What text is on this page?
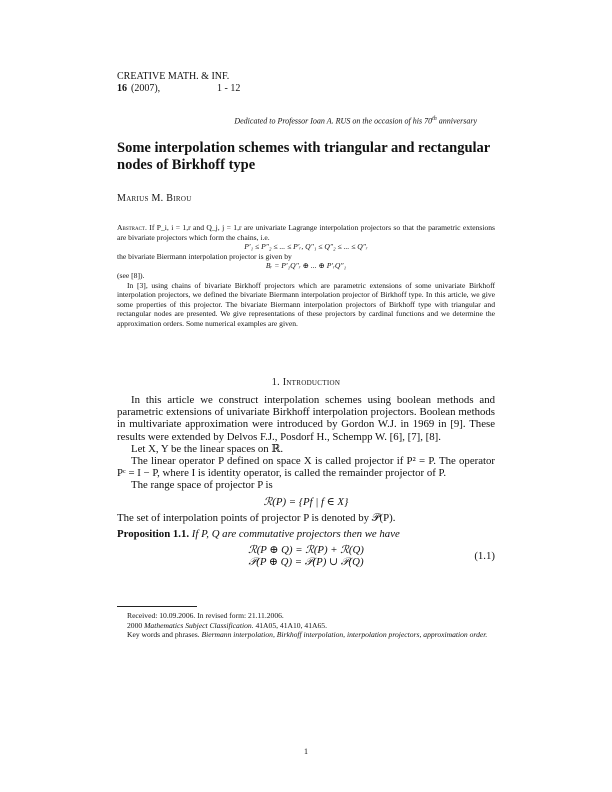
CREATIVE MATH. & INF.
16 (2007),	1 - 12
Dedicated to Professor Ioan A. RUS on the occasion of his 70th anniversary
Some interpolation schemes with triangular and rectangular nodes of Birkhoff type
Marius M. Birou

Abstract. If P_i, i = 1,r and Q_j, j = 1,r are univariate Lagrange interpolation projectors so that the parametric extensions are bivariate projectors which form the chains, i.e.

P′₁ ≤ P″₂ ≤ ... ≤ P′ᵣ, Q″₁ ≤ Q″₂ ≤ ... ≤ Q″ᵣ

the bivariate Biermann interpolation projector is given by

Bᵣ = P′₁Q″ᵣ ⊕ ... ⊕ P′ᵣQ″₁

(see [8]).

In [3], using chains of bivariate Birkhoff projectors which are parametric extensions of some univariate Birkhoff interpolation projectors, we defined the bivariate Biermann interpolation projector of Birkhoff type. In this article, we give some properties of this projector. The bivariate Biermann interpolation projectors of Birkhoff type with triangular and rectangular nodes are presented. We give representations of these projectors by cardinal functions and we determine the approximation orders. Some numerical examples are given.

1. Introduction

In this article we construct interpolation schemes using boolean methods and parametric extensions of univariate Birkhoff interpolation projectors. Boolean methods in multivariate approximation were introduced by Gordon W.J. in 1969 in [9]. These results were extended by Delvos F.J., Posdorf H., Schempp W. [6], [7], [8].

Let X, Y be the linear spaces on ℝ.

The linear operator P defined on space X is called projector if P² = P. The operator Pᶜ = I − P, where I is identity operator, is called the remainder projector of P.

The range space of projector P is

ℛ(P) = {Pf | f ∈ X}

The set of interpolation points of projector P is denoted by 𝒫(P).

Proposition 1.1. If P, Q are commutative projectors then we have

ℛ(P ⊕ Q) = ℛ(P) + ℛ(Q)
𝒫(P ⊕ Q) = 𝒫(P) ∪ 𝒫(Q)	(1.1)

Received: 10.09.2006. In revised form: 21.11.2006.

2000 Mathematics Subject Classification. 41A05, 41A10, 41A65.

Key words and phrases. Biermann interpolation, Birkhoff interpolation, interpolation projectors, approximation order.

1
